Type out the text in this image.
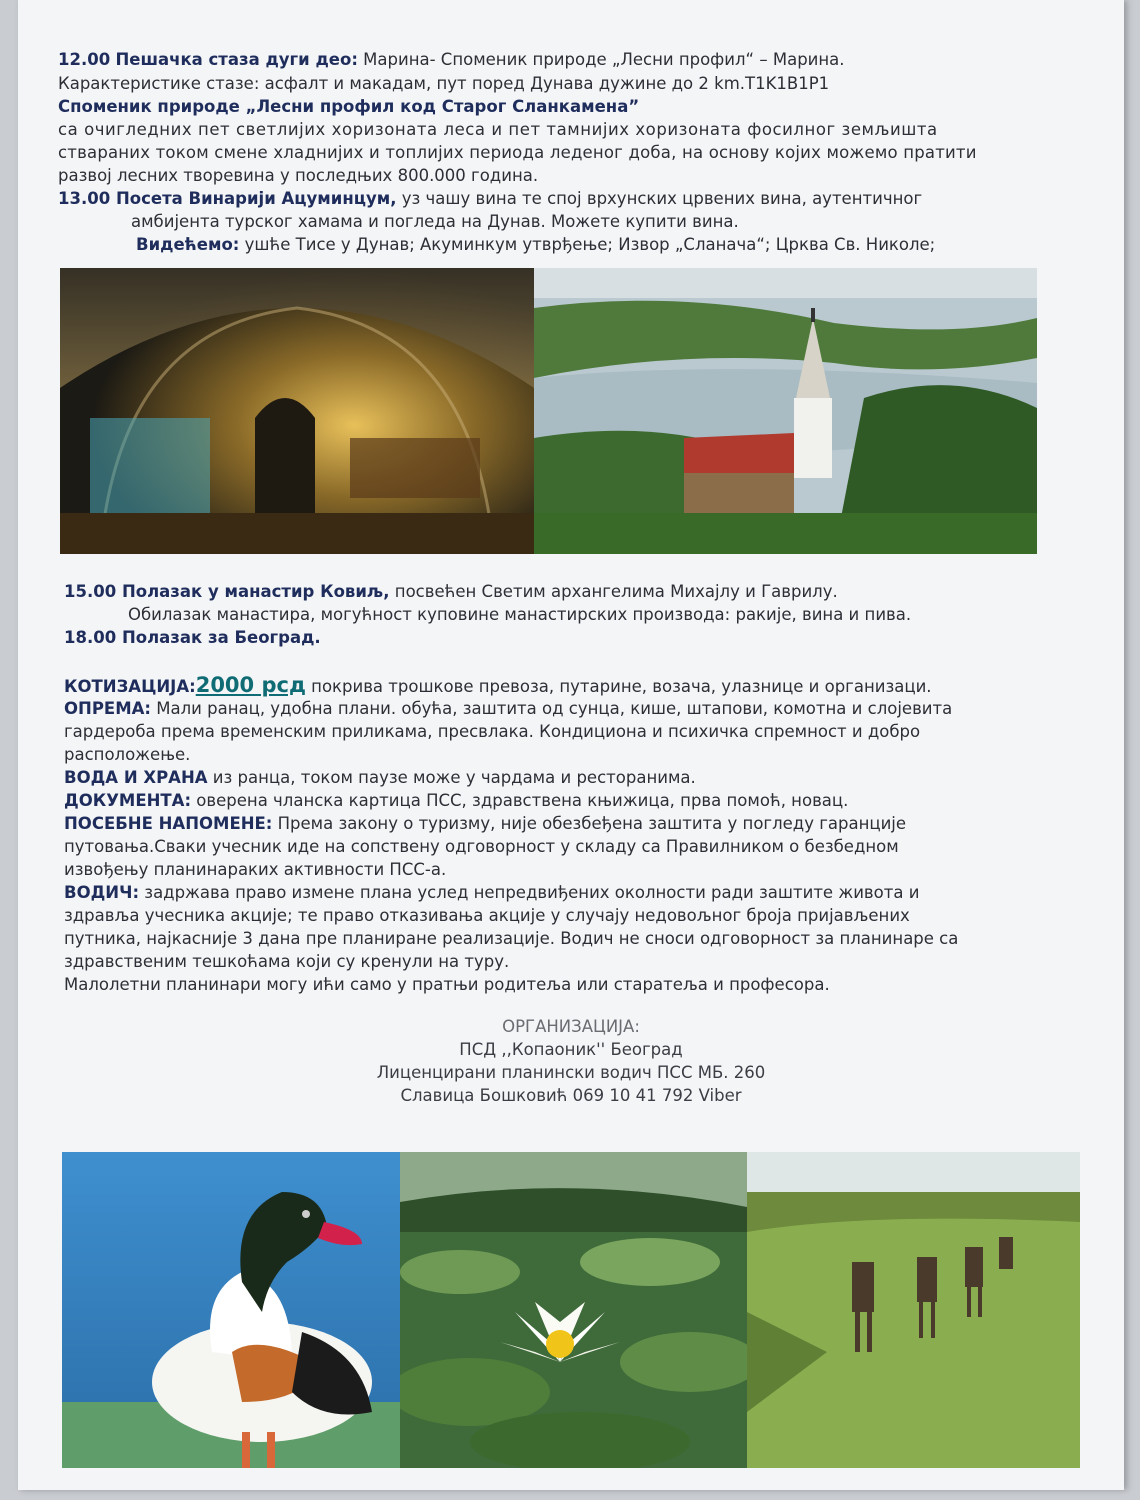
12.00 Пешачка стаза дуги део: Марина- Споменик природе „Лесни профил“ – Марина.
Карактеристике стазе: асфалт и макадам, пут поред Дунава дужине до 2 km.T1K1B1P1
Споменик природе „Лесни профил код Старог Сланкамена”
са очигледних пет светлијих хоризоната леса и пет тамнијих хоризоната фосилног земљишта
ствараних током смене хладнијих и топлијих периода леденог доба, на основу којих можемо пратити
развој лесних творевина у последњих 800.000 година.
13.00 Посета Винарији Ацуминцум, уз чашу вина те спој врхунских црвених вина, аутентичног
амбијента турског хамама и погледа на Дунав. Можете купити вина.
Видећемо: ушће Тисе у Дунав; Акуминкум утврђење; Извор „Сланача“; Црква Св. Николе;
15.00 Полазак у манастир Ковиљ, посвећен Светим архангелима Михајлу и Гаврилу.
Обилазак манастира, могућност куповине манастирских производа: ракије, вина и пива.
18.00 Полазак за Београд.
КОТИЗАЦИЈА:2000 рсд покрива трошкове превоза, путарине, возача, улазнице и организаци.
ОПРЕМА: Мали ранац, удобна плани. обућа, заштита од сунца, кише, штапови, комотна и слојевита
гардероба према временским приликама, пресвлака. Кондициона и психичка спремност и добро
расположење.
ВОДА И ХРАНА из ранца, током паузе може у чардама и ресторанима.
ДОКУМЕНТА: оверена чланска картица ПСС, здравствена књижица, прва помоћ, новац.
ПОСЕБНЕ НАПОМЕНЕ: Према закону о туризму, није обезбеђена заштита у погледу гаранције
путовања.Сваки учесник иде на сопствену одговорност у складу са Правилником о безбедном
извођењу планинараких активности ПСС-а.
ВОДИЧ: задржава право измене плана услед непредвиђених околности ради заштите живота и
здравља учесника акције; те право отказивања акције у случају недовољног броја пријављених
путника, најкасније 3 дана пре планиране реализације. Водич не сноси одговорност за планинаре са
здравственим тешкоћама који су кренули на туру.
Малолетни планинари могу ићи само у пратњи родитеља или старатеља и професора.
ОРГАНИЗАЦИЈА:
ПСД ,,Копаоник'' Београд
Лиценцирани планински водич ПСС МБ. 260
Славица Бошковић 069 10 41 792 Viber
